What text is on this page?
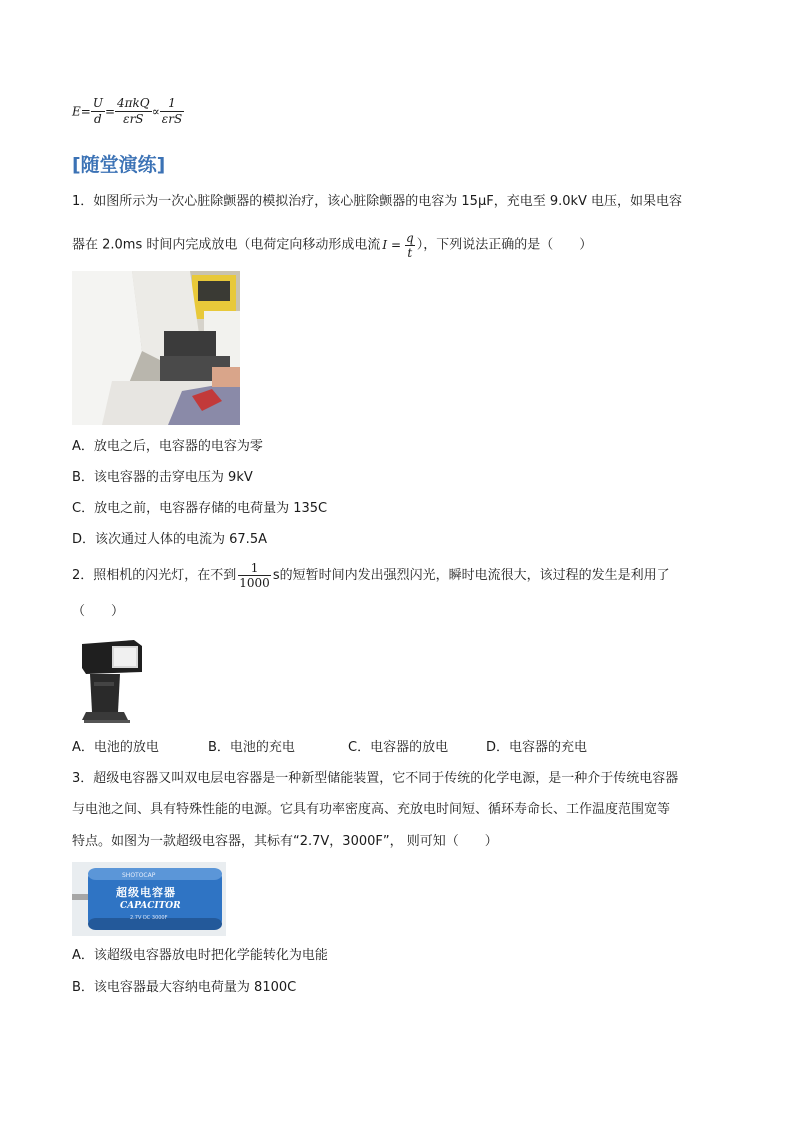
$E= \frac{U}{d} = \frac{\text{4πkQ}}{\text{εrS}} \propto \frac{1}{\text{εrS}}$
[随堂演练]
1．如图所示为一次心脏除颤器的模拟治疗，该心脏除颤器的电容为 15μF，充电至 9.0kV 电压，如果电容
器在 2.0ms 时间内完成放电（电荷定向移动形成电流 $I = \frac{q}{t}$ ），下列说法正确的是（　　）
A．放电之后，电容器的电容为零
B．该电容器的击穿电压为 9kV
C．放电之前，电容器存储的电荷量为 135C
D．该次通过人体的电流为 67.5A
2．照相机的闪光灯，在不到 $\frac{1}{1000}$ s的短暂时间内发出强烈闪光，瞬时电流很大，该过程的发生是利用了
（　　）
A．电池的放电	B．电池的充电	C．电容器的放电	D．电容器的充电
3．超级电容器又叫双电层电容器是一种新型储能装置，它不同于传统的化学电源，是一种介于传统电容器
与电池之间、具有特殊性能的电源。它具有功率密度高、充放电时间短、循环寿命长、工作温度范围宽等
特点。如图为一款超级电容器，其标有“2.7V，3000F”， 则可知（　　）
SHOTOCAP
超级电容器
CAPACITOR
2.7V DC 3000F
A．该超级电容器放电时把化学能转化为电能
B．该电容器最大容纳电荷量为 8100C
